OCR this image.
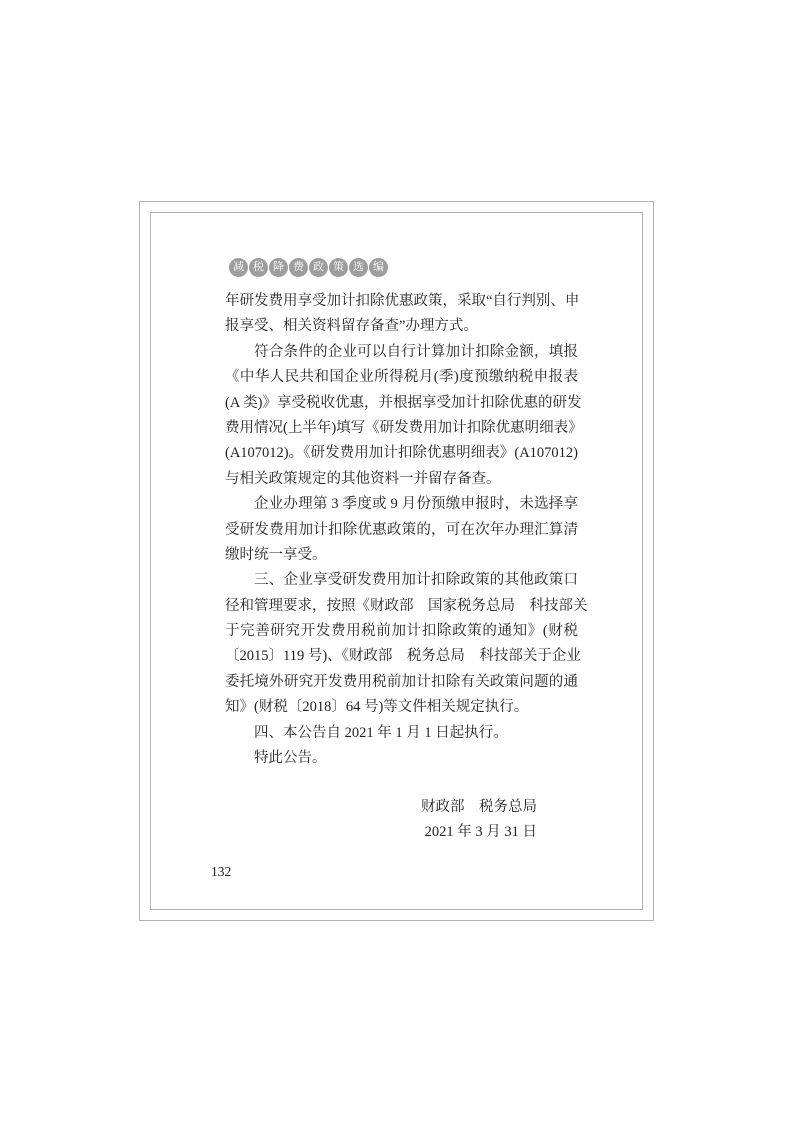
减 税 降 费 政 策 选 编
年研发费用享受加计扣除优惠政策，采取“自行判别、申
报享受、相关资料留存备查”办理方式。
符合条件的企业可以自行计算加计扣除金额，填报
《中华人民共和国企业所得税月(季)度预缴纳税申报表
(A 类)》享受税收优惠，并根据享受加计扣除优惠的研发
费用情况(上半年)填写《研发费用加计扣除优惠明细表》
(A107012)。《研发费用加计扣除优惠明细表》(A107012)
与相关政策规定的其他资料一并留存备查。
企业办理第 3 季度或 9 月份预缴申报时，未选择享
受研发费用加计扣除优惠政策的，可在次年办理汇算清
缴时统一享受。
三、企业享受研发费用加计扣除政策的其他政策口
径和管理要求，按照《财政部　国家税务总局　科技部关
于完善研究开发费用税前加计扣除政策的通知》(财税
〔2015〕119 号)、《财政部　税务总局　科技部关于企业
委托境外研究开发费用税前加计扣除有关政策问题的通
知》(财税〔2018〕64 号)等文件相关规定执行。
四、本公告自 2021 年 1 月 1 日起执行。
特此公告。
财政部　税务总局
2021 年 3 月 31 日
132
